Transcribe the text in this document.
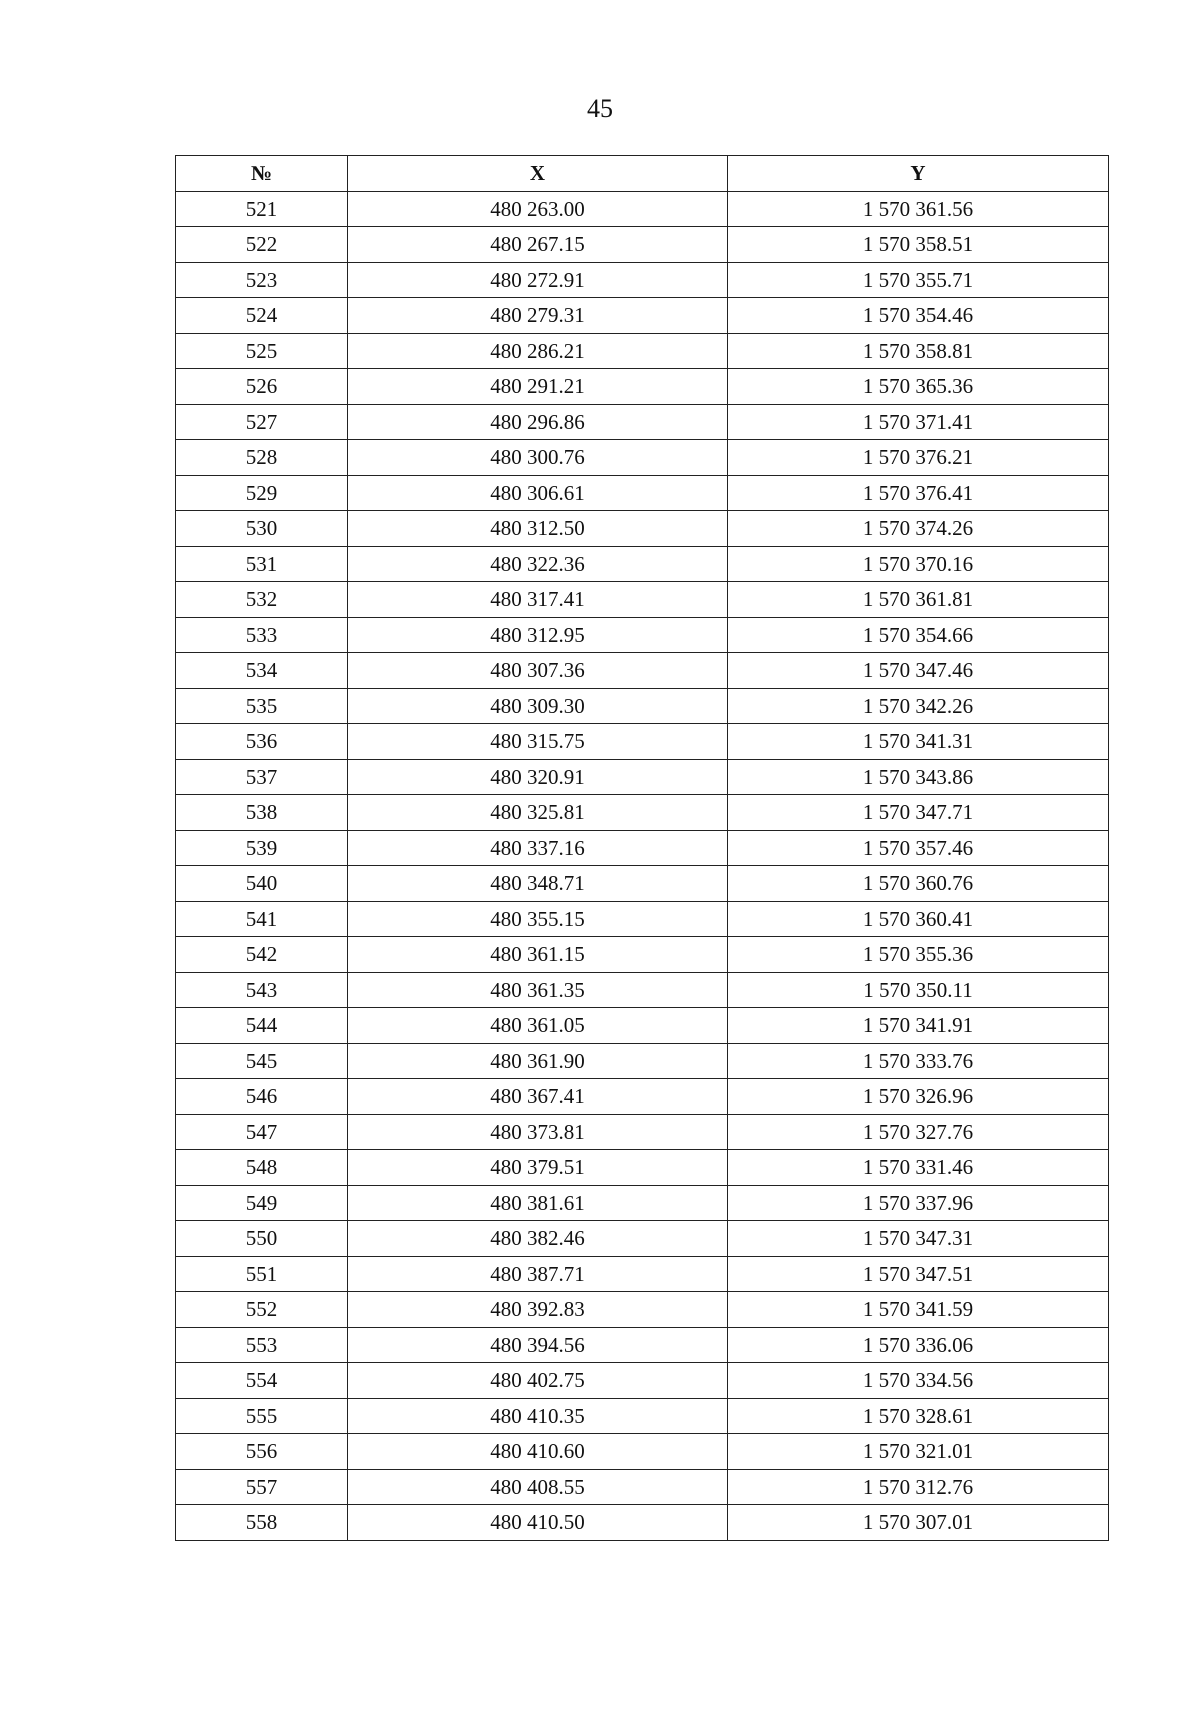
45
№	X	Y
521	480 263.00	1 570 361.56
522	480 267.15	1 570 358.51
523	480 272.91	1 570 355.71
524	480 279.31	1 570 354.46
525	480 286.21	1 570 358.81
526	480 291.21	1 570 365.36
527	480 296.86	1 570 371.41
528	480 300.76	1 570 376.21
529	480 306.61	1 570 376.41
530	480 312.50	1 570 374.26
531	480 322.36	1 570 370.16
532	480 317.41	1 570 361.81
533	480 312.95	1 570 354.66
534	480 307.36	1 570 347.46
535	480 309.30	1 570 342.26
536	480 315.75	1 570 341.31
537	480 320.91	1 570 343.86
538	480 325.81	1 570 347.71
539	480 337.16	1 570 357.46
540	480 348.71	1 570 360.76
541	480 355.15	1 570 360.41
542	480 361.15	1 570 355.36
543	480 361.35	1 570 350.11
544	480 361.05	1 570 341.91
545	480 361.90	1 570 333.76
546	480 367.41	1 570 326.96
547	480 373.81	1 570 327.76
548	480 379.51	1 570 331.46
549	480 381.61	1 570 337.96
550	480 382.46	1 570 347.31
551	480 387.71	1 570 347.51
552	480 392.83	1 570 341.59
553	480 394.56	1 570 336.06
554	480 402.75	1 570 334.56
555	480 410.35	1 570 328.61
556	480 410.60	1 570 321.01
557	480 408.55	1 570 312.76
558	480 410.50	1 570 307.01
